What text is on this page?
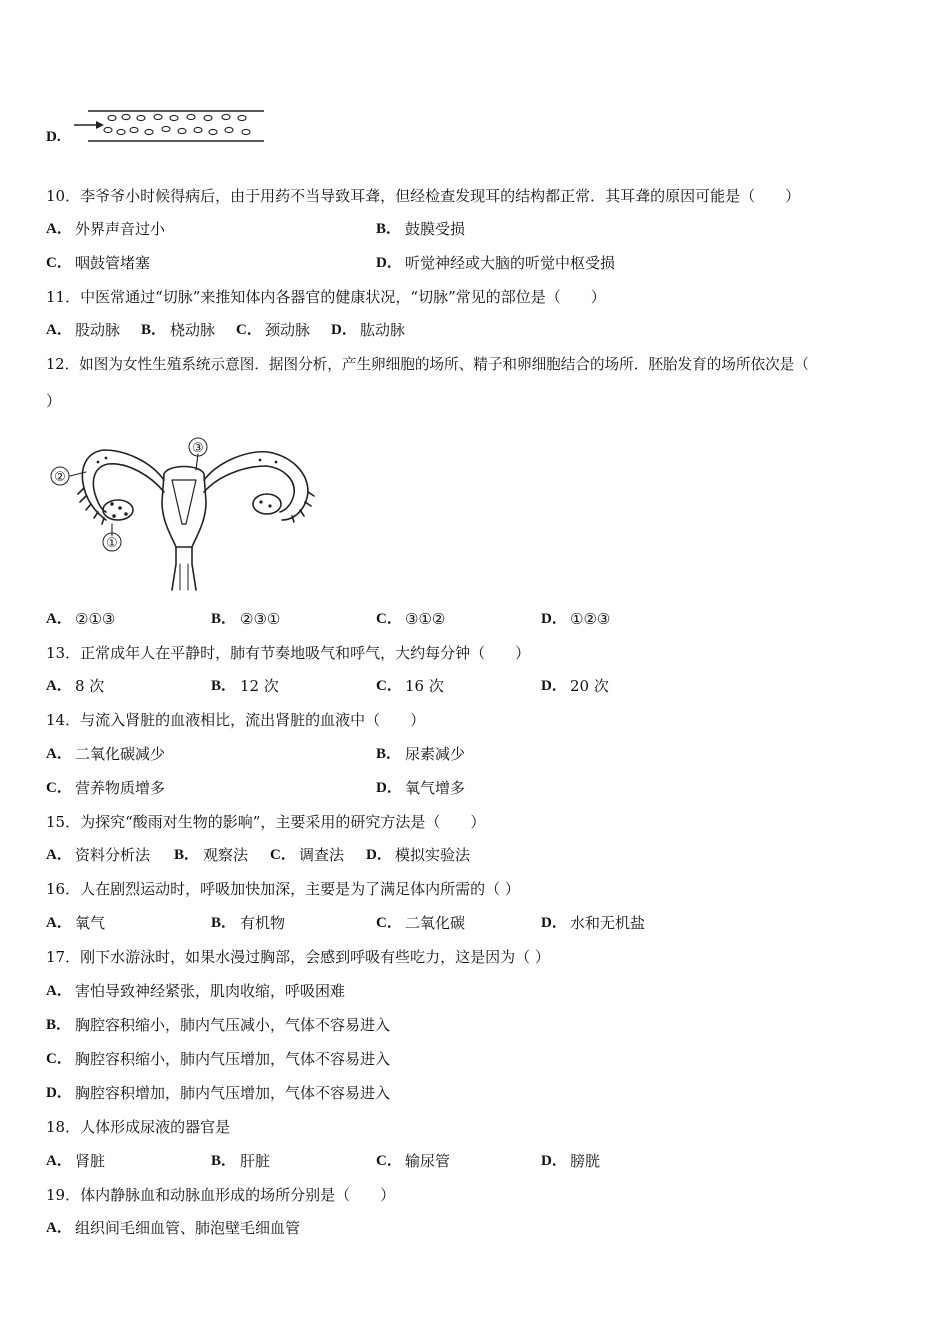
D.
10．李爷爷小时候得病后，由于用药不当导致耳聋，但经检查发现耳的结构都正常．其耳聋的原因可能是（　　）
A． 外界声音过小	B． 鼓膜受损
C． 咽鼓管堵塞	D． 听觉神经或大脑的听觉中枢受损
11．中医常通过“切脉”来推知体内各器官的健康状况，“切脉”常见的部位是（　　）
A． 股动脉 B． 桡动脉 C． 颈动脉 D． 肱动脉
12．如图为女性生殖系统示意图．据图分析，产生卵细胞的场所、精子和卵细胞结合的场所．胚胎发育的场所依次是（
）
②
③
①
A． ②①③	B． ②③①	C． ③①②	D． ①②③
13．正常成年人在平静时，肺有节奏地吸气和呼气，大约每分钟（　　）
A． 8 次	B． 12 次	C． 16 次	D． 20 次
14．与流入肾脏的血液相比，流出肾脏的血液中（　　）
A． 二氧化碳减少	B． 尿素减少
C． 营养物质增多	D． 氧气增多
15．为探究“酸雨对生物的影响”，主要采用的研究方法是（　　）
A． 资料分析法 B． 观察法 C． 调查法 D． 模拟实验法
16．人在剧烈运动时，呼吸加快加深，主要是为了满足体内所需的（ ）
A． 氧气	B． 有机物	C． 二氧化碳	D． 水和无机盐
17．刚下水游泳时，如果水漫过胸部，会感到呼吸有些吃力，这是因为（ ）
A． 害怕导致神经紧张，肌肉收缩，呼吸困难
B． 胸腔容积缩小，肺内气压减小，气体不容易进入
C． 胸腔容积缩小，肺内气压增加，气体不容易进入
D． 胸腔容积增加，肺内气压增加，气体不容易进入
18．人体形成尿液的器官是
A． 肾脏	B． 肝脏	C． 输尿管	D． 膀胱
19．体内静脉血和动脉血形成的场所分别是（　　）
A． 组织间毛细血管、肺泡壁毛细血管
